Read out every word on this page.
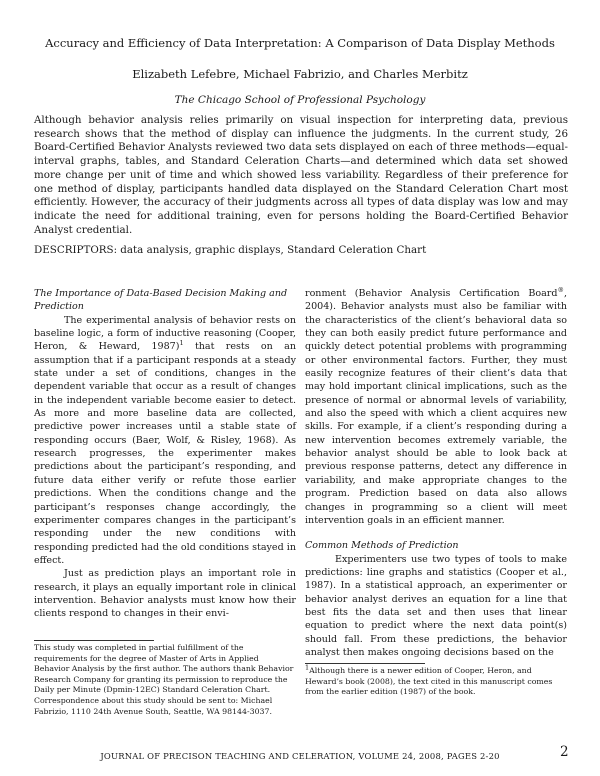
Accuracy and Efficiency of Data Interpretation: A Comparison of Data Display Methods
Elizabeth Lefebre, Michael Fabrizio, and Charles Merbitz
The Chicago School of Professional Psychology

Although behavior analysis relies primarily on visual inspection for interpreting data, previous research shows that the method of display can influence the judgments. In the current study, 26 Board-Certified Behavior Analysts reviewed two data sets displayed on each of three methods—equal-interval graphs, tables, and Standard Celeration Charts—and determined which data set showed more change per unit of time and which showed less variability. Regardless of their preference for one method of display, participants handled data displayed on the Standard Celeration Chart most efficiently. However, the accuracy of their judgments across all types of data display was low and may indicate the need for additional training, even for persons holding the Board-Certified Behavior Analyst credential.

DESCRIPTORS: data analysis, graphic displays, Standard Celeration Chart

The Importance of Data-Based Decision Making and Prediction

The experimental analysis of behavior rests on baseline logic, a form of inductive reasoning (Cooper, Heron, & Heward, 1987)$^1$ that rests on an assumption that if a participant responds at a steady state under a set of conditions, changes in the dependent variable that occur as a result of changes in the independent variable become easier to detect. As more and more baseline data are collected, predictive power increases until a stable state of responding occurs (Baer, Wolf, & Risley, 1968). As research progresses, the experimenter makes predictions about the participant’s responding, and future data either verify or refute those earlier predictions. When the conditions change and the participant’s responses change accordingly, the experimenter compares changes in the participant’s responding under the new conditions with responding predicted had the old conditions stayed in effect.

Just as prediction plays an important role in research, it plays an equally important role in clinical intervention. Behavior analysts must know how their clients respond to changes in their envi-

This study was completed in partial fulfillment of the requirements for the degree of Master of Arts in Applied Behavior Analysis by the first author. The authors thank Behavior Research Company for granting its permission to reproduce the Daily per Minute (Dpmin-12EC) Standard Celeration Chart. Correspondence about this study should be sent to: Michael Fabrizio, 1110 24th Avenue South, Seattle, WA 98144-3037.

ronment (Behavior Analysis Certification Board®, 2004). Behavior analysts must also be familiar with the characteristics of the client’s behavioral data so they can both easily predict future performance and quickly detect potential problems with programming or other environmental factors. Further, they must easily recognize features of their client’s data that may hold important clinical implications, such as the presence of normal or abnormal levels of variability, and also the speed with which a client acquires new skills. For example, if a client’s responding during a new intervention becomes extremely variable, the behavior analyst should be able to look back at previous response patterns, detect any difference in variability, and make appropriate changes to the program. Prediction based on data also allows changes in programming so a client will meet intervention goals in an efficient manner.

Common Methods of Prediction

Experimenters use two types of tools to make predictions: line graphs and statistics (Cooper et al., 1987). In a statistical approach, an experimenter or behavior analyst derives an equation for a line that best fits the data set and then uses that linear equation to predict where the next data point(s) should fall. From these predictions, the behavior analyst then makes ongoing decisions based on the

$^1$Although there is a newer edition of Cooper, Heron, and Heward’s book (2008), the text cited in this manuscript comes from the earlier edition (1987) of the book.

JOURNAL OF PRECISON TEACHING AND CELERATION, VOLUME 24, 2008, PAGES 2-20	2
